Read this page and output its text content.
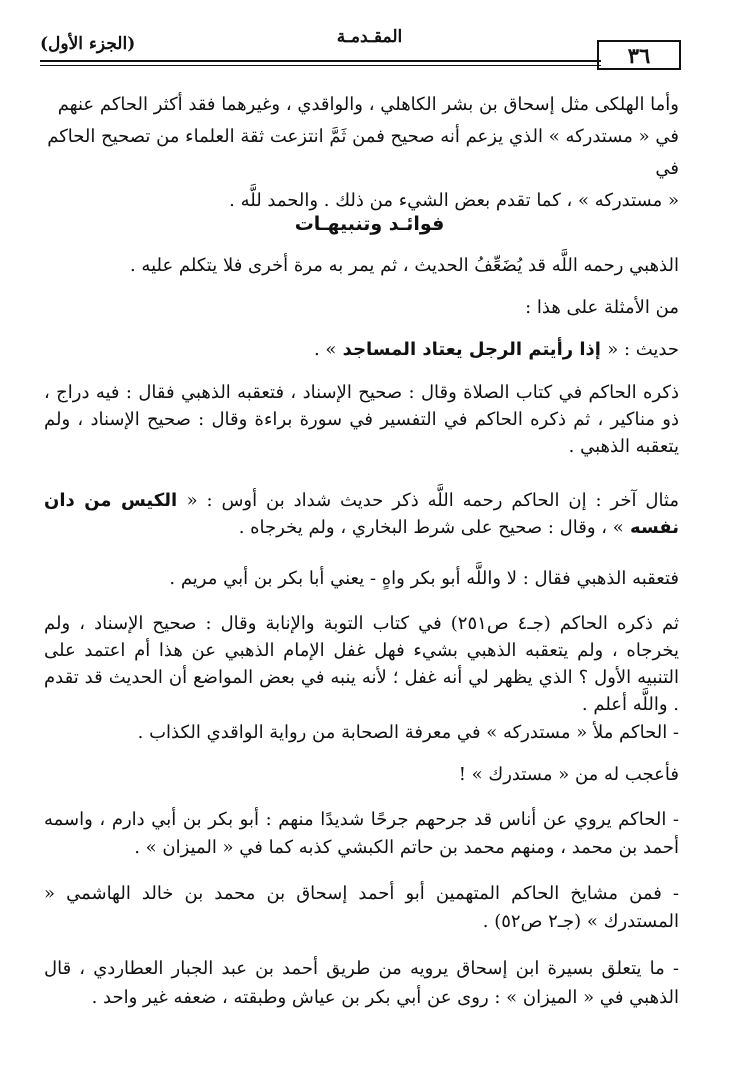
٣٦
المقـدمـة
(الجزء الأول)

وأما الهلكى مثل إسحاق بن بشر الكاهلي ، والواقدي ، وغيرهما فقد أكثر الحاكم عنهم

في « مستدركه » الذي يزعم أنه صحيح فمن ثَمَّ انتزعت ثقة العلماء من تصحيح الحاكم في

« مستدركه » ، كما تقدم بعض الشيء من ذلك . والحمد للَّه .

فوائـد وتنبيهـات
الذهبي رحمه اللَّه قد يُضَعِّفُ الحديث ، ثم يمر به مرة أخرى فلا يتكلم عليه .
من الأمثلة على هذا :
حديث : « إذا رأيتم الرجل يعتاد المساجد » .
ذكره الحاكم في كتاب الصلاة وقال : صحيح الإسناد ، فتعقبه الذهبي فقال : فيه دراج ، ذو مناكير ، ثم ذكره الحاكم في التفسير في سورة براءة وقال : صحيح الإسناد ، ولم يتعقبه الذهبي .
مثال آخر : إن الحاكم رحمه اللَّه ذكر حديث شداد بن أوس : « الكيس من دان نفسه » ، وقال : صحيح على شرط البخاري ، ولم يخرجاه .
فتعقبه الذهبي فقال : لا واللَّه أبو بكر واهٍ - يعني أبا بكر بن أبي مريم .
ثم ذكره الحاكم (جـ٤ ص٢٥١) في كتاب التوبة والإنابة وقال : صحيح الإسناد ، ولم يخرجاه ، ولم يتعقبه الذهبي بشيء فهل غفل الإمام الذهبي عن هذا أم اعتمد على التنبيه الأول ؟ الذي يظهر لي أنه غفل ؛ لأنه ينبه في بعض المواضع أن الحديث قد تقدم . واللَّه أعلم .
- الحاكم ملأ « مستدركه » في معرفة الصحابة من رواية الواقدي الكذاب .
فأعجب له من « مستدرك » !
- الحاكم يروي عن أناس قد جرحهم جرحًا شديدًا منهم : أبو بكر بن أبي دارم ، واسمه أحمد بن محمد ، ومنهم محمد بن حاتم الكبشي كذبه كما في « الميزان » .
- فمن مشايخ الحاكم المتهمين أبو أحمد إسحاق بن محمد بن خالد الهاشمي « المستدرك » (جـ٢ ص٥٢) .
- ما يتعلق بسيرة ابن إسحاق يرويه من طريق أحمد بن عبد الجبار العطاردي ، قال الذهبي في « الميزان » : روى عن أبي بكر بن عياش وطبقته ، ضعفه غير واحد .
